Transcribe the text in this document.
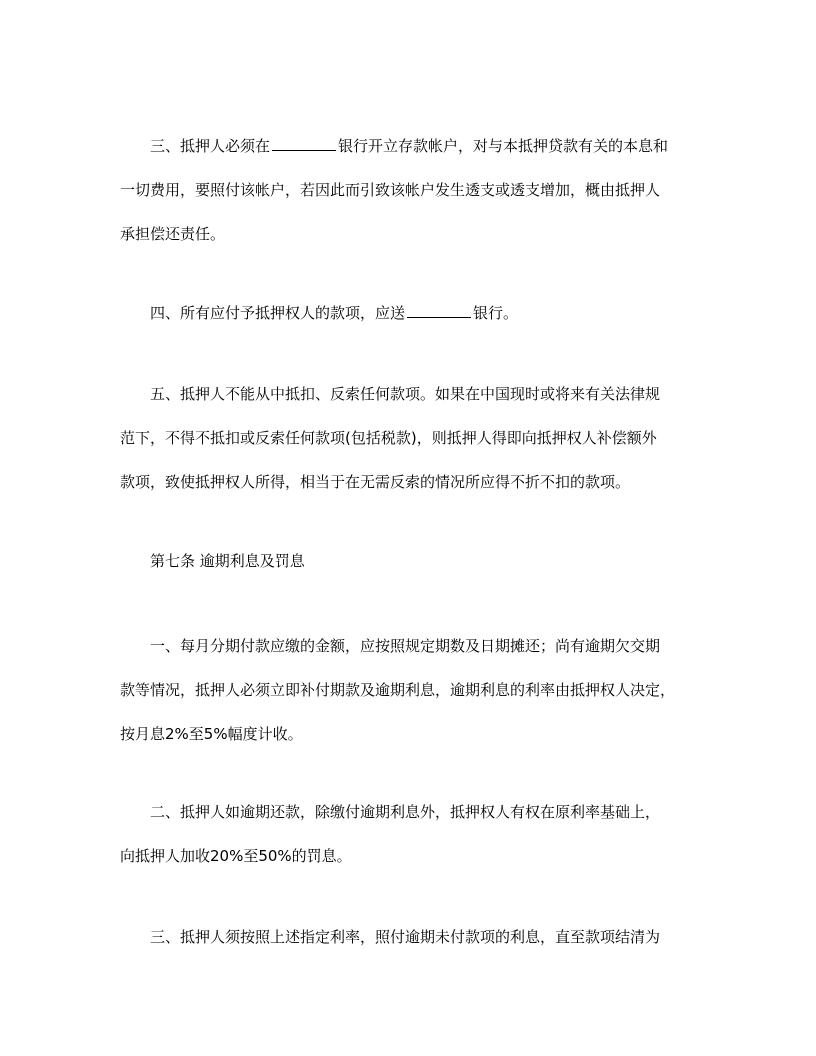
三、抵押人必须在	银行开立存款帐户，对与本抵押贷款有关的本息和
一切费用，要照付该帐户，若因此而引致该帐户发生透支或透支增加，概由抵押人
承担偿还责任。
四、所有应付予抵押权人的款项，应送	银行。
五、抵押人不能从中抵扣、反索任何款项。如果在中国现时或将来有关法律规
范下，不得不抵扣或反索任何款项(包括税款)，则抵押人得即向抵押权人补偿额外
款项，致使抵押权人所得，相当于在无需反索的情况所应得不折不扣的款项。
第七条 逾期利息及罚息
一、每月分期付款应缴的金额，应按照规定期数及日期摊还；尚有逾期欠交期
款等情况，抵押人必须立即补付期款及逾期利息，逾期利息的利率由抵押权人决定，
按月息2%至5%幅度计收。
二、抵押人如逾期还款，除缴付逾期利息外，抵押权人有权在原利率基础上，
向抵押人加收20%至50%的罚息。
三、抵押人须按照上述指定利率，照付逾期未付款项的利息，直至款项结清为
